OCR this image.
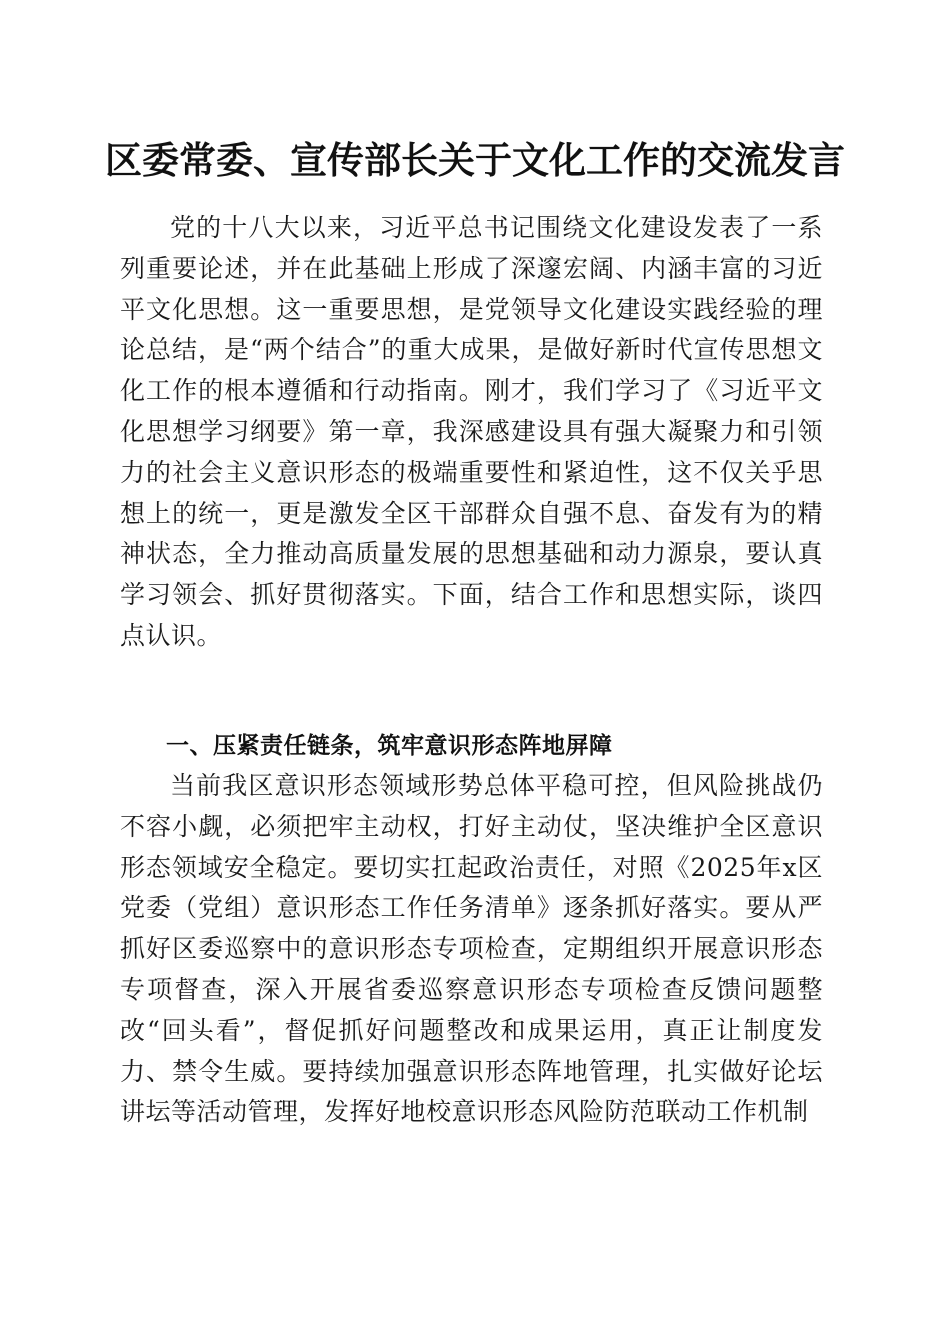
区委常委、宣传部长关于文化工作的交流发言

党的十八大以来，习近平总书记围绕文化建设发表了一系列重要论述，并在此基础上形成了深邃宏阔、内涵丰富的习近平文化思想。这一重要思想，是党领导文化建设实践经验的理论总结，是“两个结合”的重大成果，是做好新时代宣传思想文化工作的根本遵循和行动指南。刚才，我们学习了《习近平文化思想学习纲要》第一章，我深感建设具有强大凝聚力和引领力的社会主义意识形态的极端重要性和紧迫性，这不仅关乎思想上的统一，更是激发全区干部群众自强不息、奋发有为的精神状态，全力推动高质量发展的思想基础和动力源泉，要认真学习领会、抓好贯彻落实。下面，结合工作和思想实际，谈四点认识。

一、压紧责任链条，筑牢意识形态阵地屏障

当前我区意识形态领域形势总体平稳可控，但风险挑战仍不容小觑，必须把牢主动权，打好主动仗，坚决维护全区意识形态领域安全稳定。要切实扛起政治责任，对照《2025年x区党委（党组）意识形态工作任务清单》逐条抓好落实。要从严抓好区委巡察中的意识形态专项检查，定期组织开展意识形态专项督查，深入开展省委巡察意识形态专项检查反馈问题整改“回头看”，督促抓好问题整改和成果运用，真正让制度发力、禁令生威。要持续加强意识形态阵地管理，扎实做好论坛讲坛等活动管理，发挥好地校意识形态风险防范联动工作机制
